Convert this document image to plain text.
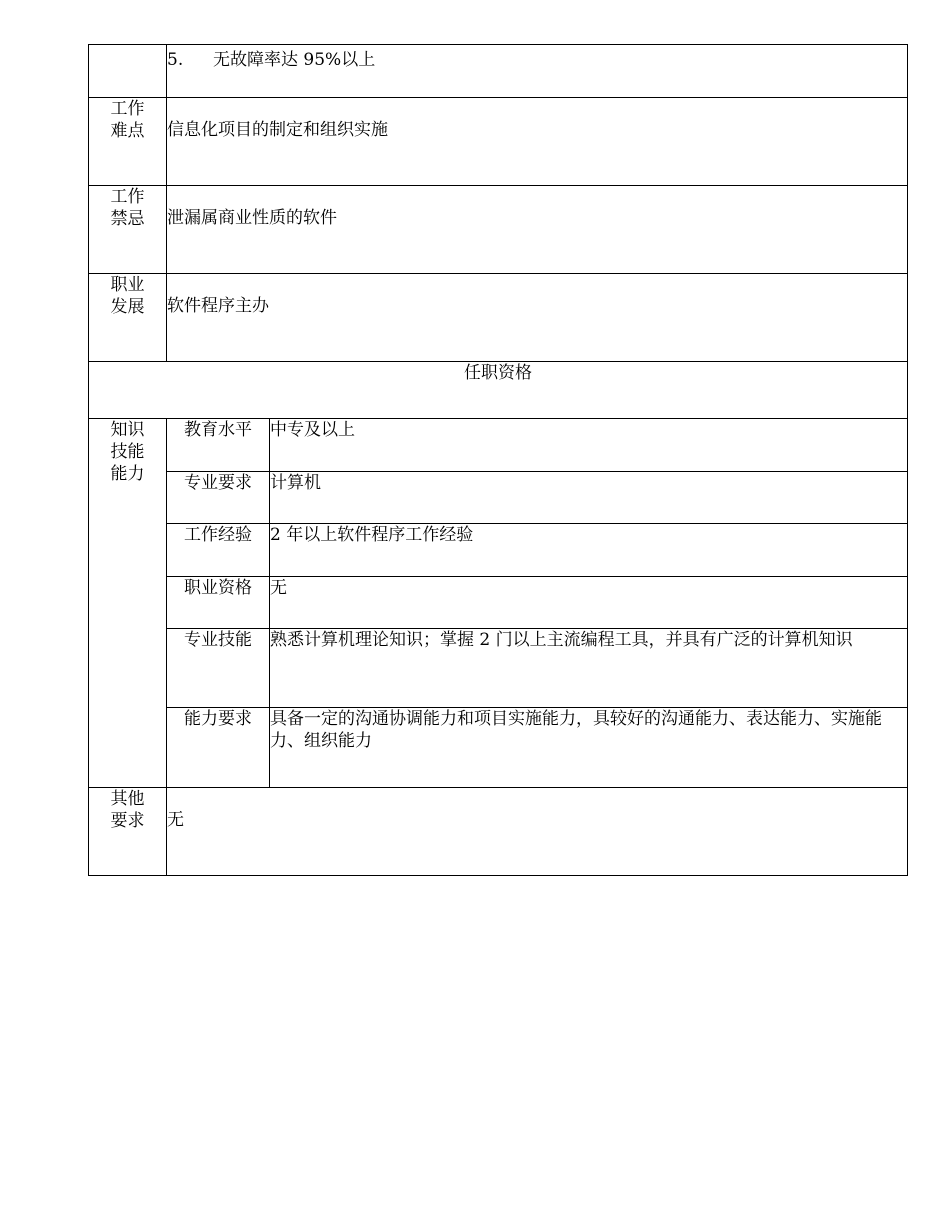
	5. 无故障率达 95%以上	

工作
难点	信息化项目的制定和组织实施	

工作
禁忌	泄漏属商业性质的软件	

职业
发展	软件程序主办	
任职资格		

知识
技能
能力	教育水平	中专及以上
	专业要求	计算机
	工作经验	2 年以上软件程序工作经验
	职业资格	无
	专业技能	熟悉计算机理论知识；掌握 2 门以上主流编程工具，并具有广泛的计算机知识
	能力要求	具备一定的沟通协调能力和项目实施能力，具较好的沟通能力、表达能力、实施能力、组织能力

其他
要求	无	
